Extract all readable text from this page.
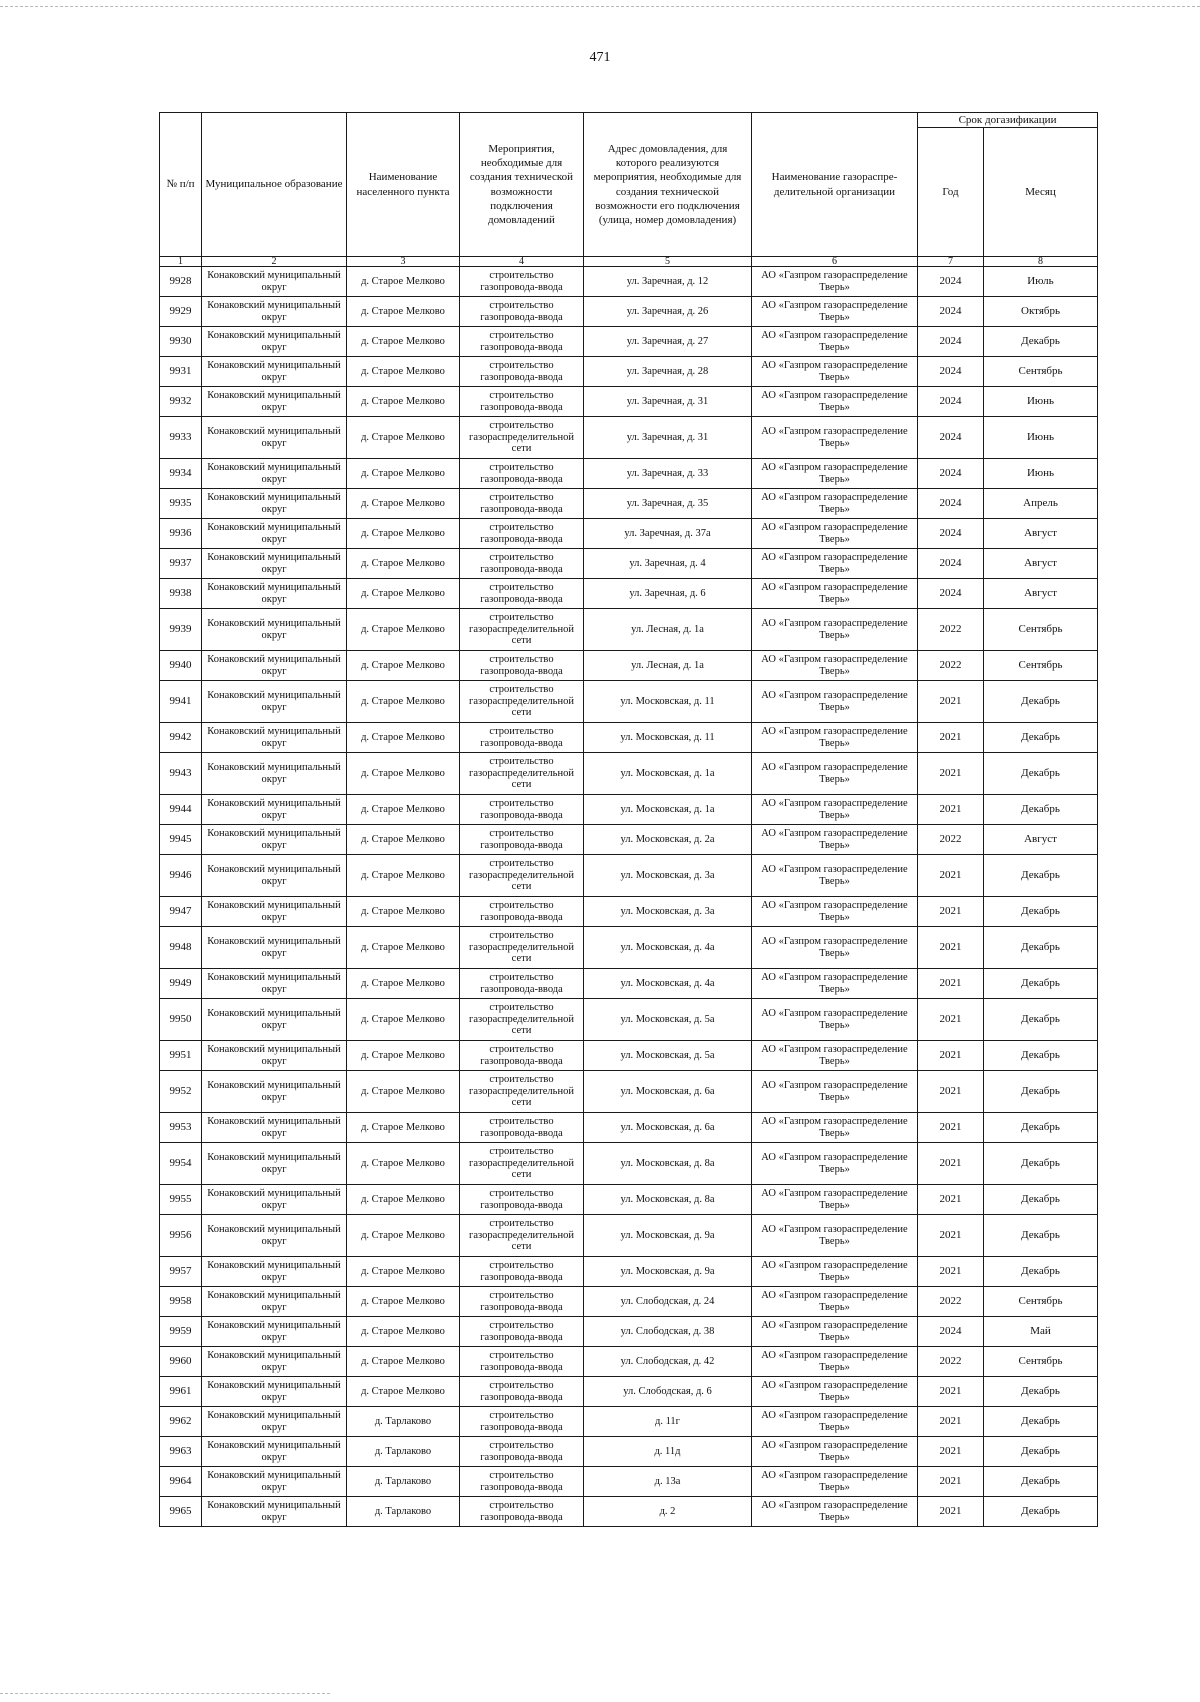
471
№ п/п	Муниципальное образование	Наименование населенного пункта	Мероприятия, необходимые для создания технической возможности подключения домовладений	Адрес домовладения, для которого реализуются мероприятия, необходимые для создания технической возможности его подключения (улица, номер домовладения)	Наименование газораспре-делительной организации	Срок догазификации	
						Год	Месяц
1	2	3	4	5	6	7	8
9928	Конаковский муниципальный округ	д. Старое Мелково	строительство газопровода-ввода	ул. Заречная, д. 12	АО «Газпром газораспределение Тверь»	2024	Июль
9929	Конаковский муниципальный округ	д. Старое Мелково	строительство газопровода-ввода	ул. Заречная, д. 26	АО «Газпром газораспределение Тверь»	2024	Октябрь
9930	Конаковский муниципальный округ	д. Старое Мелково	строительство газопровода-ввода	ул. Заречная, д. 27	АО «Газпром газораспределение Тверь»	2024	Декабрь
9931	Конаковский муниципальный округ	д. Старое Мелково	строительство газопровода-ввода	ул. Заречная, д. 28	АО «Газпром газораспределение Тверь»	2024	Сентябрь
9932	Конаковский муниципальный округ	д. Старое Мелково	строительство газопровода-ввода	ул. Заречная, д. 31	АО «Газпром газораспределение Тверь»	2024	Июнь
9933	Конаковский муниципальный округ	д. Старое Мелково	строительство газораспределительной сети	ул. Заречная, д. 31	АО «Газпром газораспределение Тверь»	2024	Июнь
9934	Конаковский муниципальный округ	д. Старое Мелково	строительство газопровода-ввода	ул. Заречная, д. 33	АО «Газпром газораспределение Тверь»	2024	Июнь
9935	Конаковский муниципальный округ	д. Старое Мелково	строительство газопровода-ввода	ул. Заречная, д. 35	АО «Газпром газораспределение Тверь»	2024	Апрель
9936	Конаковский муниципальный округ	д. Старое Мелково	строительство газопровода-ввода	ул. Заречная, д. 37а	АО «Газпром газораспределение Тверь»	2024	Август
9937	Конаковский муниципальный округ	д. Старое Мелково	строительство газопровода-ввода	ул. Заречная, д. 4	АО «Газпром газораспределение Тверь»	2024	Август
9938	Конаковский муниципальный округ	д. Старое Мелково	строительство газопровода-ввода	ул. Заречная, д. 6	АО «Газпром газораспределение Тверь»	2024	Август
9939	Конаковский муниципальный округ	д. Старое Мелково	строительство газораспределительной сети	ул. Лесная, д. 1а	АО «Газпром газораспределение Тверь»	2022	Сентябрь
9940	Конаковский муниципальный округ	д. Старое Мелково	строительство газопровода-ввода	ул. Лесная, д. 1а	АО «Газпром газораспределение Тверь»	2022	Сентябрь
9941	Конаковский муниципальный округ	д. Старое Мелково	строительство газораспределительной сети	ул. Московская, д. 11	АО «Газпром газораспределение Тверь»	2021	Декабрь
9942	Конаковский муниципальный округ	д. Старое Мелково	строительство газопровода-ввода	ул. Московская, д. 11	АО «Газпром газораспределение Тверь»	2021	Декабрь
9943	Конаковский муниципальный округ	д. Старое Мелково	строительство газораспределительной сети	ул. Московская, д. 1а	АО «Газпром газораспределение Тверь»	2021	Декабрь
9944	Конаковский муниципальный округ	д. Старое Мелково	строительство газопровода-ввода	ул. Московская, д. 1а	АО «Газпром газораспределение Тверь»	2021	Декабрь
9945	Конаковский муниципальный округ	д. Старое Мелково	строительство газопровода-ввода	ул. Московская, д. 2а	АО «Газпром газораспределение Тверь»	2022	Август
9946	Конаковский муниципальный округ	д. Старое Мелково	строительство газораспределительной сети	ул. Московская, д. 3а	АО «Газпром газораспределение Тверь»	2021	Декабрь
9947	Конаковский муниципальный округ	д. Старое Мелково	строительство газопровода-ввода	ул. Московская, д. 3а	АО «Газпром газораспределение Тверь»	2021	Декабрь
9948	Конаковский муниципальный округ	д. Старое Мелково	строительство газораспределительной сети	ул. Московская, д. 4а	АО «Газпром газораспределение Тверь»	2021	Декабрь
9949	Конаковский муниципальный округ	д. Старое Мелково	строительство газопровода-ввода	ул. Московская, д. 4а	АО «Газпром газораспределение Тверь»	2021	Декабрь
9950	Конаковский муниципальный округ	д. Старое Мелково	строительство газораспределительной сети	ул. Московская, д. 5а	АО «Газпром газораспределение Тверь»	2021	Декабрь
9951	Конаковский муниципальный округ	д. Старое Мелково	строительство газопровода-ввода	ул. Московская, д. 5а	АО «Газпром газораспределение Тверь»	2021	Декабрь
9952	Конаковский муниципальный округ	д. Старое Мелково	строительство газораспределительной сети	ул. Московская, д. 6а	АО «Газпром газораспределение Тверь»	2021	Декабрь
9953	Конаковский муниципальный округ	д. Старое Мелково	строительство газопровода-ввода	ул. Московская, д. 6а	АО «Газпром газораспределение Тверь»	2021	Декабрь
9954	Конаковский муниципальный округ	д. Старое Мелково	строительство газораспределительной сети	ул. Московская, д. 8а	АО «Газпром газораспределение Тверь»	2021	Декабрь
9955	Конаковский муниципальный округ	д. Старое Мелково	строительство газопровода-ввода	ул. Московская, д. 8а	АО «Газпром газораспределение Тверь»	2021	Декабрь
9956	Конаковский муниципальный округ	д. Старое Мелково	строительство газораспределительной сети	ул. Московская, д. 9а	АО «Газпром газораспределение Тверь»	2021	Декабрь
9957	Конаковский муниципальный округ	д. Старое Мелково	строительство газопровода-ввода	ул. Московская, д. 9а	АО «Газпром газораспределение Тверь»	2021	Декабрь
9958	Конаковский муниципальный округ	д. Старое Мелково	строительство газопровода-ввода	ул. Слободская, д. 24	АО «Газпром газораспределение Тверь»	2022	Сентябрь
9959	Конаковский муниципальный округ	д. Старое Мелково	строительство газопровода-ввода	ул. Слободская, д. 38	АО «Газпром газораспределение Тверь»	2024	Май
9960	Конаковский муниципальный округ	д. Старое Мелково	строительство газопровода-ввода	ул. Слободская, д. 42	АО «Газпром газораспределение Тверь»	2022	Сентябрь
9961	Конаковский муниципальный округ	д. Старое Мелково	строительство газопровода-ввода	ул. Слободская, д. 6	АО «Газпром газораспределение Тверь»	2021	Декабрь
9962	Конаковский муниципальный округ	д. Тарлаково	строительство газопровода-ввода	д. 11г	АО «Газпром газораспределение Тверь»	2021	Декабрь
9963	Конаковский муниципальный округ	д. Тарлаково	строительство газопровода-ввода	д. 11д	АО «Газпром газораспределение Тверь»	2021	Декабрь
9964	Конаковский муниципальный округ	д. Тарлаково	строительство газопровода-ввода	д. 13а	АО «Газпром газораспределение Тверь»	2021	Декабрь
9965	Конаковский муниципальный округ	д. Тарлаково	строительство газопровода-ввода	д. 2	АО «Газпром газораспределение Тверь»	2021	Декабрь
